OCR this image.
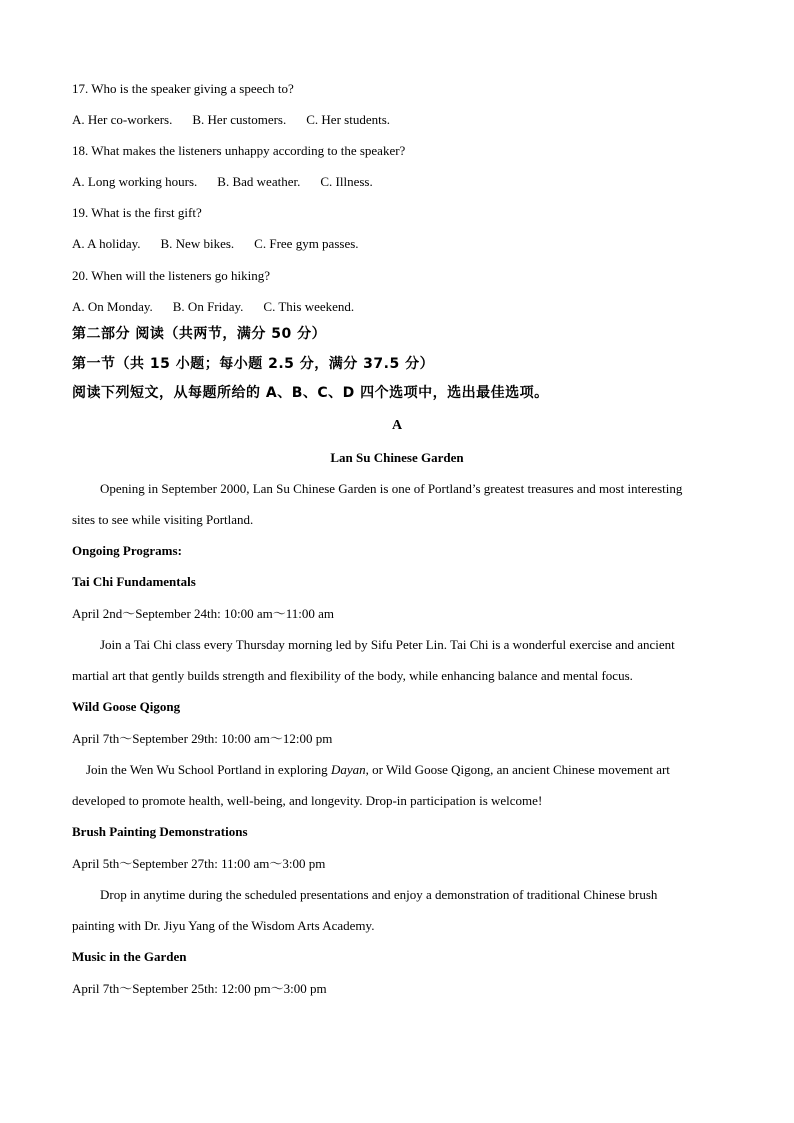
17. Who is the speaker giving a speech to?
A. Her co-workers. B. Her customers. C. Her students.
18. What makes the listeners unhappy according to the speaker?
A. Long working hours. B. Bad weather. C. Illness.
19. What is the first gift?
A. A holiday. B. New bikes. C. Free gym passes.
20. When will the listeners go hiking?
A. On Monday. B. On Friday. C. This weekend.
第二部分 阅读（共两节，满分 50 分）
第一节（共 15 小题；每小题 2.5 分，满分 37.5 分）
阅读下列短文，从每题所给的 A、B、C、D 四个选项中，选出最佳选项。
A
Lan Su Chinese Garden
Opening in September 2000, Lan Su Chinese Garden is one of Portland’s greatest treasures and most interesting
sites to see while visiting Portland.
Ongoing Programs:
Tai Chi Fundamentals
April 2nd～September 24th: 10:00 am～11:00 am
Join a Tai Chi class every Thursday morning led by Sifu Peter Lin. Tai Chi is a wonderful exercise and ancient
martial art that gently builds strength and flexibility of the body, while enhancing balance and mental focus.
Wild Goose Qigong
April 7th～September 29th: 10:00 am～12:00 pm
Join the Wen Wu School Portland in exploring Dayan, or Wild Goose Qigong, an ancient Chinese movement art
developed to promote health, well-being, and longevity. Drop-in participation is welcome!
Brush Painting Demonstrations
April 5th～September 27th: 11:00 am～3:00 pm
Drop in anytime during the scheduled presentations and enjoy a demonstration of traditional Chinese brush
painting with Dr. Jiyu Yang of the Wisdom Arts Academy.
Music in the Garden
April 7th～September 25th: 12:00 pm～3:00 pm
